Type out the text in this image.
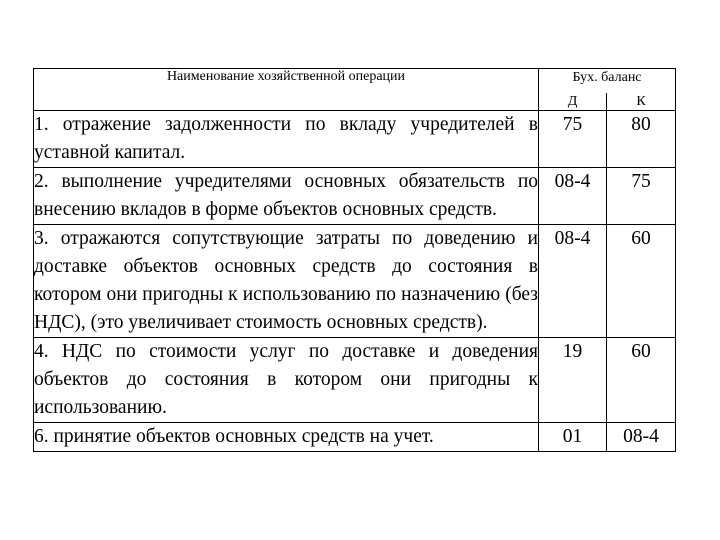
Наименование хозяйственной операции	Бух. баланс	
	Д	К
1. отражение задолженности по вкладу учредителей в уставной капитал.	75	80
2. выполнение учредителями основных обязательств по внесению вкладов в форме объектов основных средств.	08-4	75
3. отражаются сопутствующие затраты по доведению и доставке объектов основных средств до состояния в котором они пригодны к использованию по назначению (без НДС), (это увеличивает стоимость основных средств).	08-4	60
4. НДС по стоимости услуг по доставке и доведения объектов до состояния в котором они пригодны к использованию.	19	60
6. принятие объектов основных средств на учет.	01	08-4
